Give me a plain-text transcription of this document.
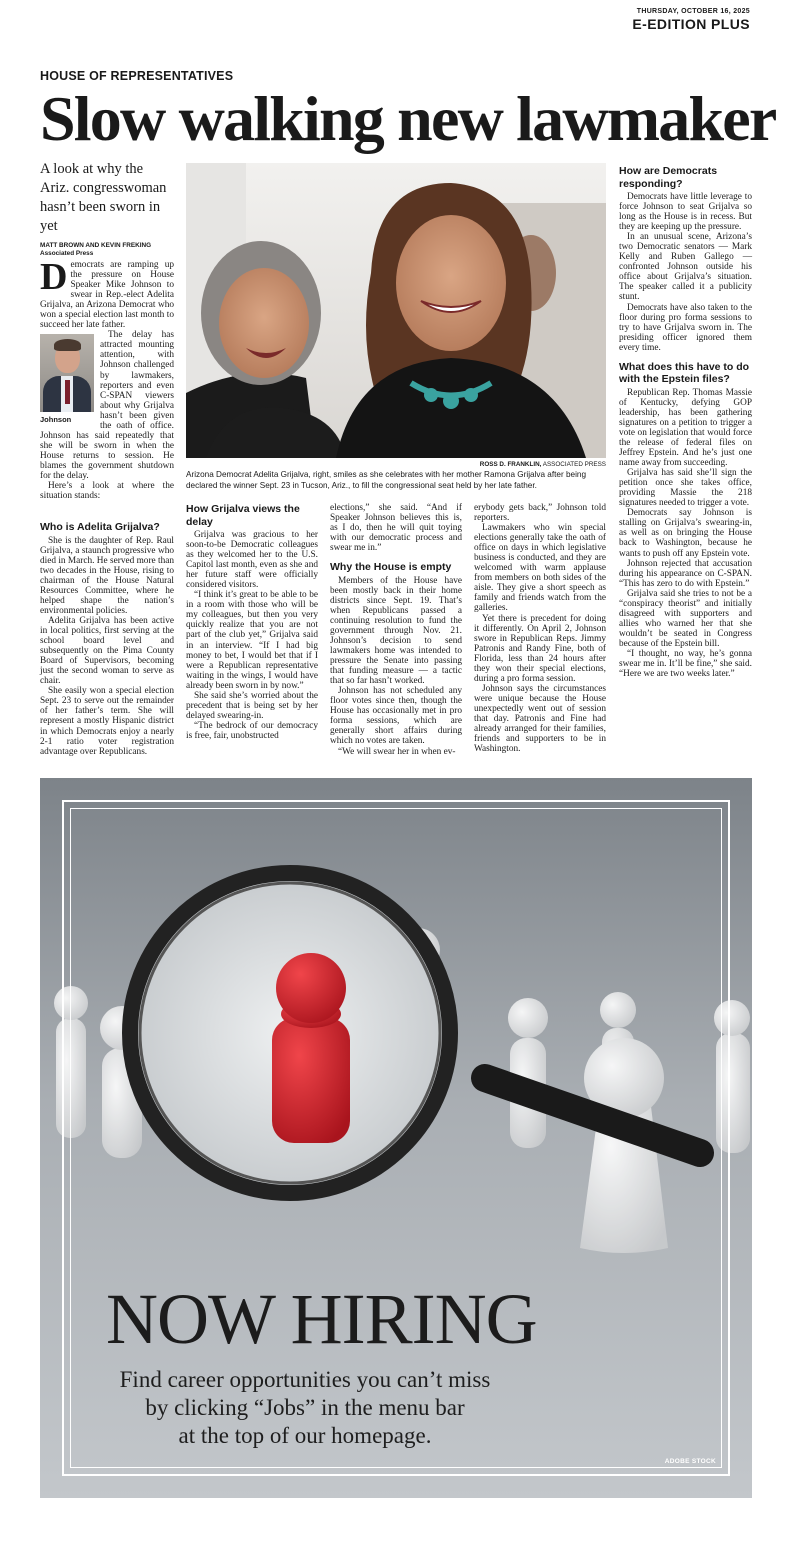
THURSDAY, OCTOBER 16, 2025
E-EDITION PLUS
HOUSE OF REPRESENTATIVES
Slow walking new lawmaker
A look at why the Ariz. congresswoman hasn’t been sworn in yet
MATT BROWN AND KEVIN FREKING
Associated Press

Democrats are ramping up the pressure on House Speaker Mike Johnson to swear in Rep.-elect Adelita Grijalva, an Arizona Democrat who won a special election last month to succeed her late father.

Johnson

The delay has attracted mounting attention, with Johnson challenged by lawmakers, reporters and even C-SPAN viewers about why Grijalva hasn’t been given the oath of office. Johnson has said repeatedly that she will be sworn in when the House returns to session. He blames the government shutdown for the delay.

Here’s a look at where the situation stands:

Who is Adelita Grijalva?

She is the daughter of Rep. Raul Grijalva, a staunch progressive who died in March. He served more than two decades in the House, rising to chairman of the House Natural Resources Committee, where he helped shape the nation’s environmental policies.

Adelita Grijalva has been active in local politics, first serving at the school board level and subsequently on the Pima County Board of Supervisors, becoming just the second woman to serve as chair.

She easily won a special election Sept. 23 to serve out the remainder of her father’s term. She will represent a mostly Hispanic district in which Democrats enjoy a nearly 2-1 ratio voter registration advantage over Republicans.

ROSS D. FRANKLIN, ASSOCIATED PRESS
Arizona Democrat Adelita Grijalva, right, smiles as she celebrates with her mother Ramona Grijalva after being declared the winner Sept. 23 in Tucson, Ariz., to fill the congressional seat held by her late father.
How Grijalva views the delay

Grijalva was gracious to her soon-to-be Democratic colleagues as they welcomed her to the U.S. Capitol last month, even as she and her future staff were officially considered visitors.

“I think it’s great to be able to be in a room with those who will be my colleagues, but then you very quickly realize that you are not part of the club yet,” Grijalva said in an interview. “If I had big money to bet, I would bet that if I were a Republican representative waiting in the wings, I would have already been sworn in by now.”

She said she’s worried about the precedent that is being set by her delayed swearing-in.

“The bedrock of our democracy is free, fair, unobstructed

elections,” she said. “And if Speaker Johnson believes this is, as I do, then he will quit toying with our democratic process and swear me in.”

Why the House is empty

Members of the House have been mostly back in their home districts since Sept. 19. That’s when Republicans passed a continuing resolution to fund the government through Nov. 21. Johnson’s decision to send lawmakers home was intended to pressure the Senate into passing that funding measure — a tactic that so far hasn’t worked.

Johnson has not scheduled any floor votes since then, though the House has occasionally met in pro forma sessions, which are generally short affairs during which no votes are taken.

“We will swear her in when ev-

erybody gets back,” Johnson told reporters.

Lawmakers who win special elections generally take the oath of office on days in which legislative business is conducted, and they are welcomed with warm applause from members on both sides of the aisle. They give a short speech as family and friends watch from the galleries.

Yet there is precedent for doing it differently. On April 2, Johnson swore in Republican Reps. Jimmy Patronis and Randy Fine, both of Florida, less than 24 hours after they won their special elections, during a pro forma session.

Johnson says the circumstances were unique because the House unexpectedly went out of session that day. Patronis and Fine had already arranged for their families, friends and supporters to be in Washington.

How are Democrats responding?

Democrats have little leverage to force Johnson to seat Grijalva so long as the House is in recess. But they are keeping up the pressure.

In an unusual scene, Arizona’s two Democratic senators — Mark Kelly and Ruben Gallego — confronted Johnson outside his office about Grijalva’s situation. The speaker called it a publicity stunt.

Democrats have also taken to the floor during pro forma sessions to try to have Grijalva sworn in. The presiding officer ignored them every time.

What does this have to do with the Epstein files?

Republican Rep. Thomas Massie of Kentucky, defying GOP leadership, has been gathering signatures on a petition to trigger a vote on legislation that would force the release of federal files on Jeffrey Epstein. And he’s just one name away from succeeding.

Grijalva has said she’ll sign the petition once she takes office, providing Massie the 218 signatures needed to trigger a vote.

Democrats say Johnson is stalling on Grijalva’s swearing-in, as well as on bringing the House back to Washington, because he wants to push off any Epstein vote.

Johnson rejected that accusation during his appearance on C-SPAN. “This has zero to do with Epstein.”

Grijalva said she tries to not be a “conspiracy theorist” and initially disagreed with supporters and allies who warned her that she wouldn’t be seated in Congress because of the Epstein bill.

“I thought, no way, he’s gonna swear me in. It’ll be fine,” she said. “Here we are two weeks later.”

NOW HIRING
Find career opportunities you can’t miss
by clicking “Jobs” in the menu bar
at the top of our homepage.
ADOBE STOCK
